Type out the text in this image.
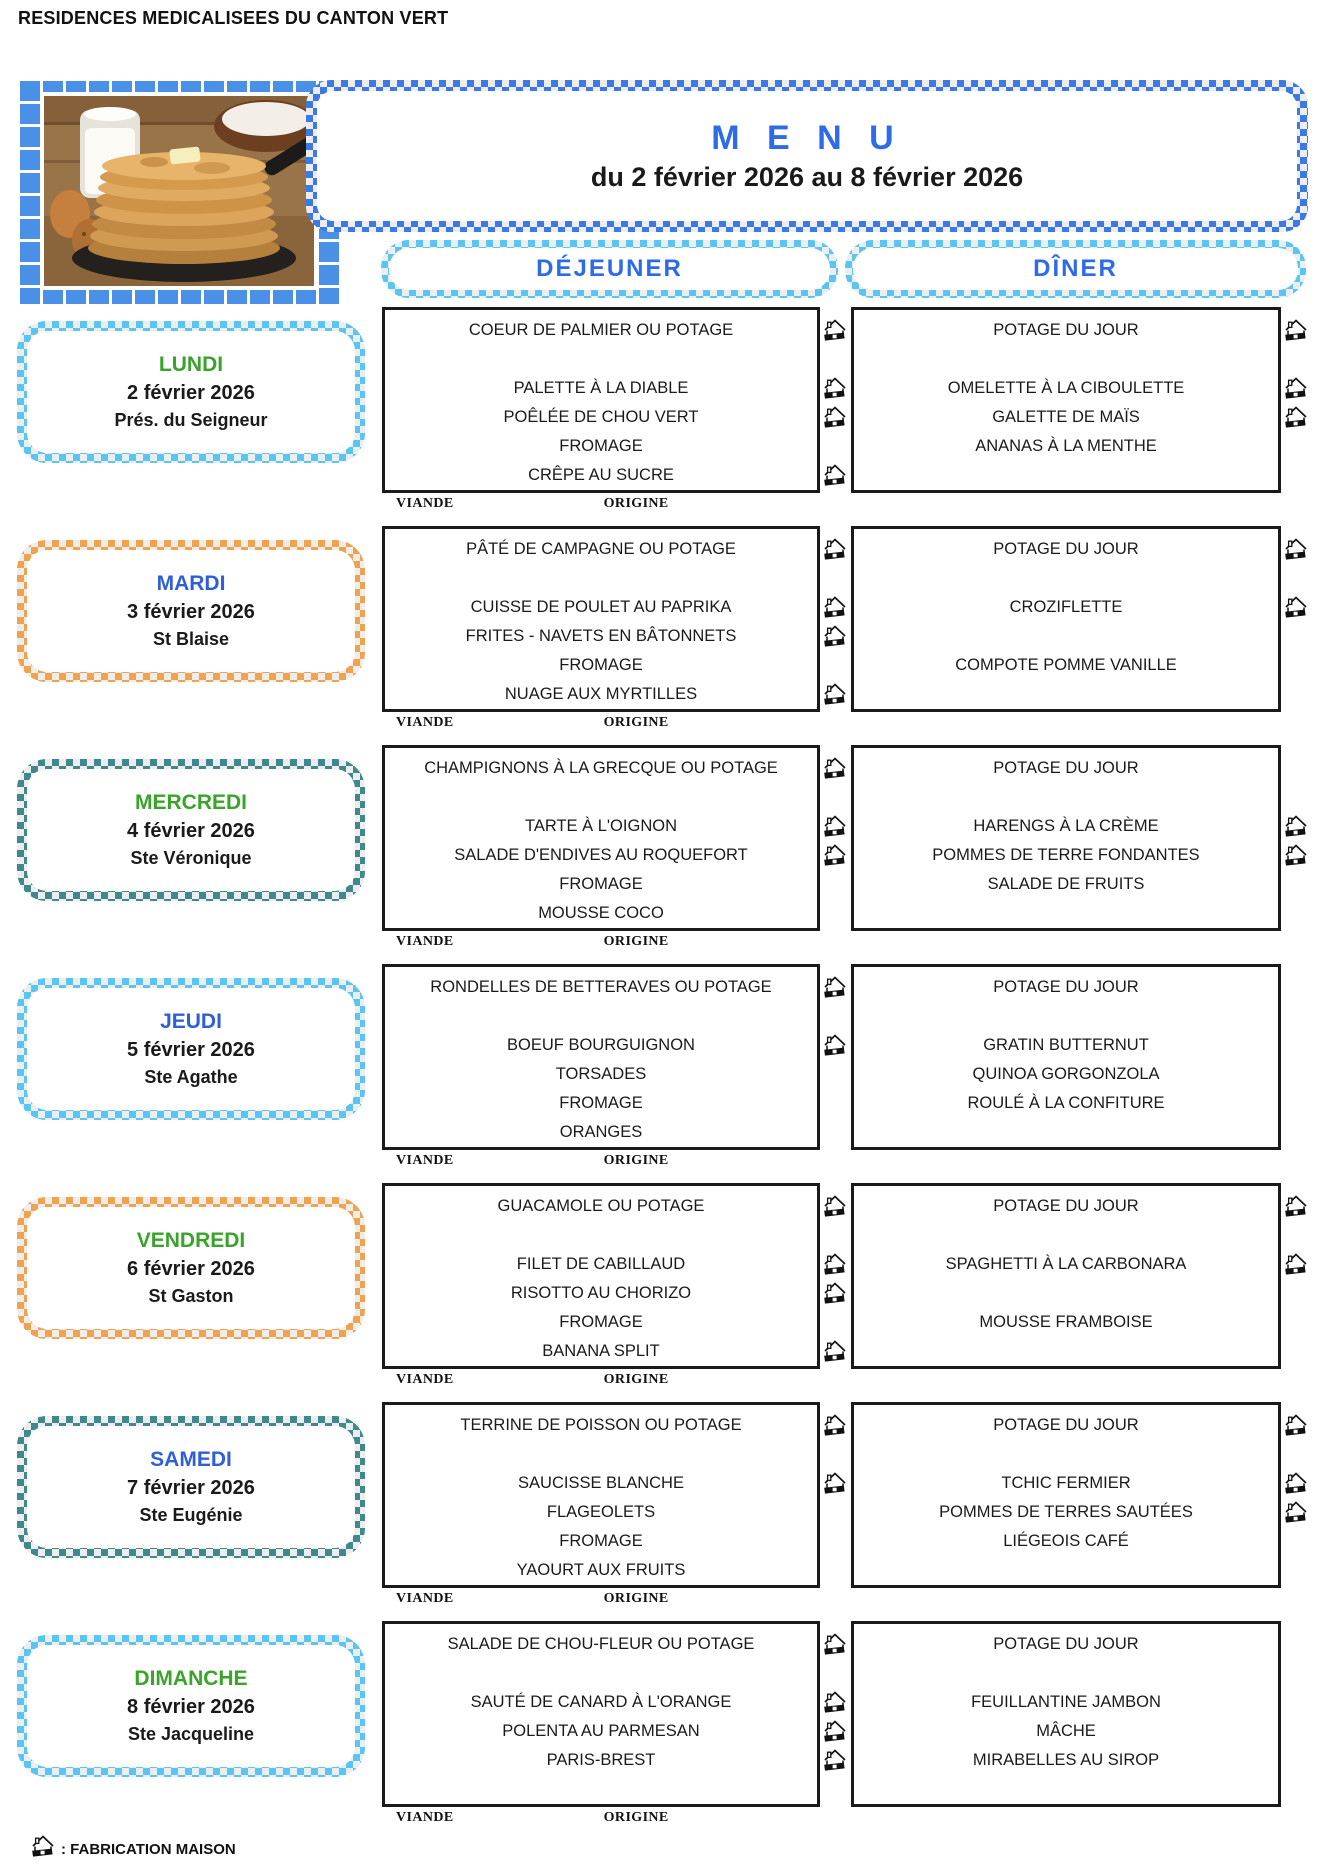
RESIDENCES MEDICALISEES DU CANTON VERT
M E N U
du 2 février 2026 au 8 février 2026
DÉJEUNER	DÎNER
LUNDI
2 février 2026
Prés. du Seigneur
COEUR DE PALMIER OU POTAGE
PALETTE À LA DIABLE
POÊLÉE DE CHOU VERT
FROMAGE
CRÊPE AU SUCRE
VIANDE	ORIGINE
POTAGE DU JOUR
OMELETTE À LA CIBOULETTE
GALETTE DE MAÏS
ANANAS À LA MENTHE
MARDI
3 février 2026
St Blaise
PÂTÉ DE CAMPAGNE OU POTAGE
CUISSE DE POULET AU PAPRIKA
FRITES - NAVETS EN BÂTONNETS
FROMAGE
NUAGE AUX MYRTILLES
VIANDE	ORIGINE
POTAGE DU JOUR
CROZIFLETTE
COMPOTE POMME VANILLE
MERCREDI
4 février 2026
Ste Véronique
CHAMPIGNONS À LA GRECQUE OU POTAGE
TARTE À L'OIGNON
SALADE D'ENDIVES AU ROQUEFORT
FROMAGE
MOUSSE COCO
VIANDE	ORIGINE
POTAGE DU JOUR
HARENGS À LA CRÈME
POMMES DE TERRE FONDANTES
SALADE DE FRUITS
JEUDI
5 février 2026
Ste Agathe
RONDELLES DE BETTERAVES OU POTAGE
BOEUF BOURGUIGNON
TORSADES
FROMAGE
ORANGES
VIANDE	ORIGINE
POTAGE DU JOUR
GRATIN BUTTERNUT
QUINOA GORGONZOLA
ROULÉ À LA CONFITURE
VENDREDI
6 février 2026
St Gaston
GUACAMOLE OU POTAGE
FILET DE CABILLAUD
RISOTTO AU CHORIZO
FROMAGE
BANANA SPLIT
VIANDE	ORIGINE
POTAGE DU JOUR
SPAGHETTI À LA CARBONARA
MOUSSE FRAMBOISE
SAMEDI
7 février 2026
Ste Eugénie
TERRINE DE POISSON OU POTAGE
SAUCISSE BLANCHE
FLAGEOLETS
FROMAGE
YAOURT AUX FRUITS
VIANDE	ORIGINE
POTAGE DU JOUR
TCHIC FERMIER
POMMES DE TERRES SAUTÉES
LIÉGEOIS CAFÉ
DIMANCHE
8 février 2026
Ste Jacqueline
SALADE DE CHOU-FLEUR OU POTAGE
SAUTÉ DE CANARD À L'ORANGE
POLENTA AU PARMESAN
PARIS-BREST
VIANDE	ORIGINE
POTAGE DU JOUR
FEUILLANTINE JAMBON
MÂCHE
MIRABELLES AU SIROP
: FABRICATION MAISON
